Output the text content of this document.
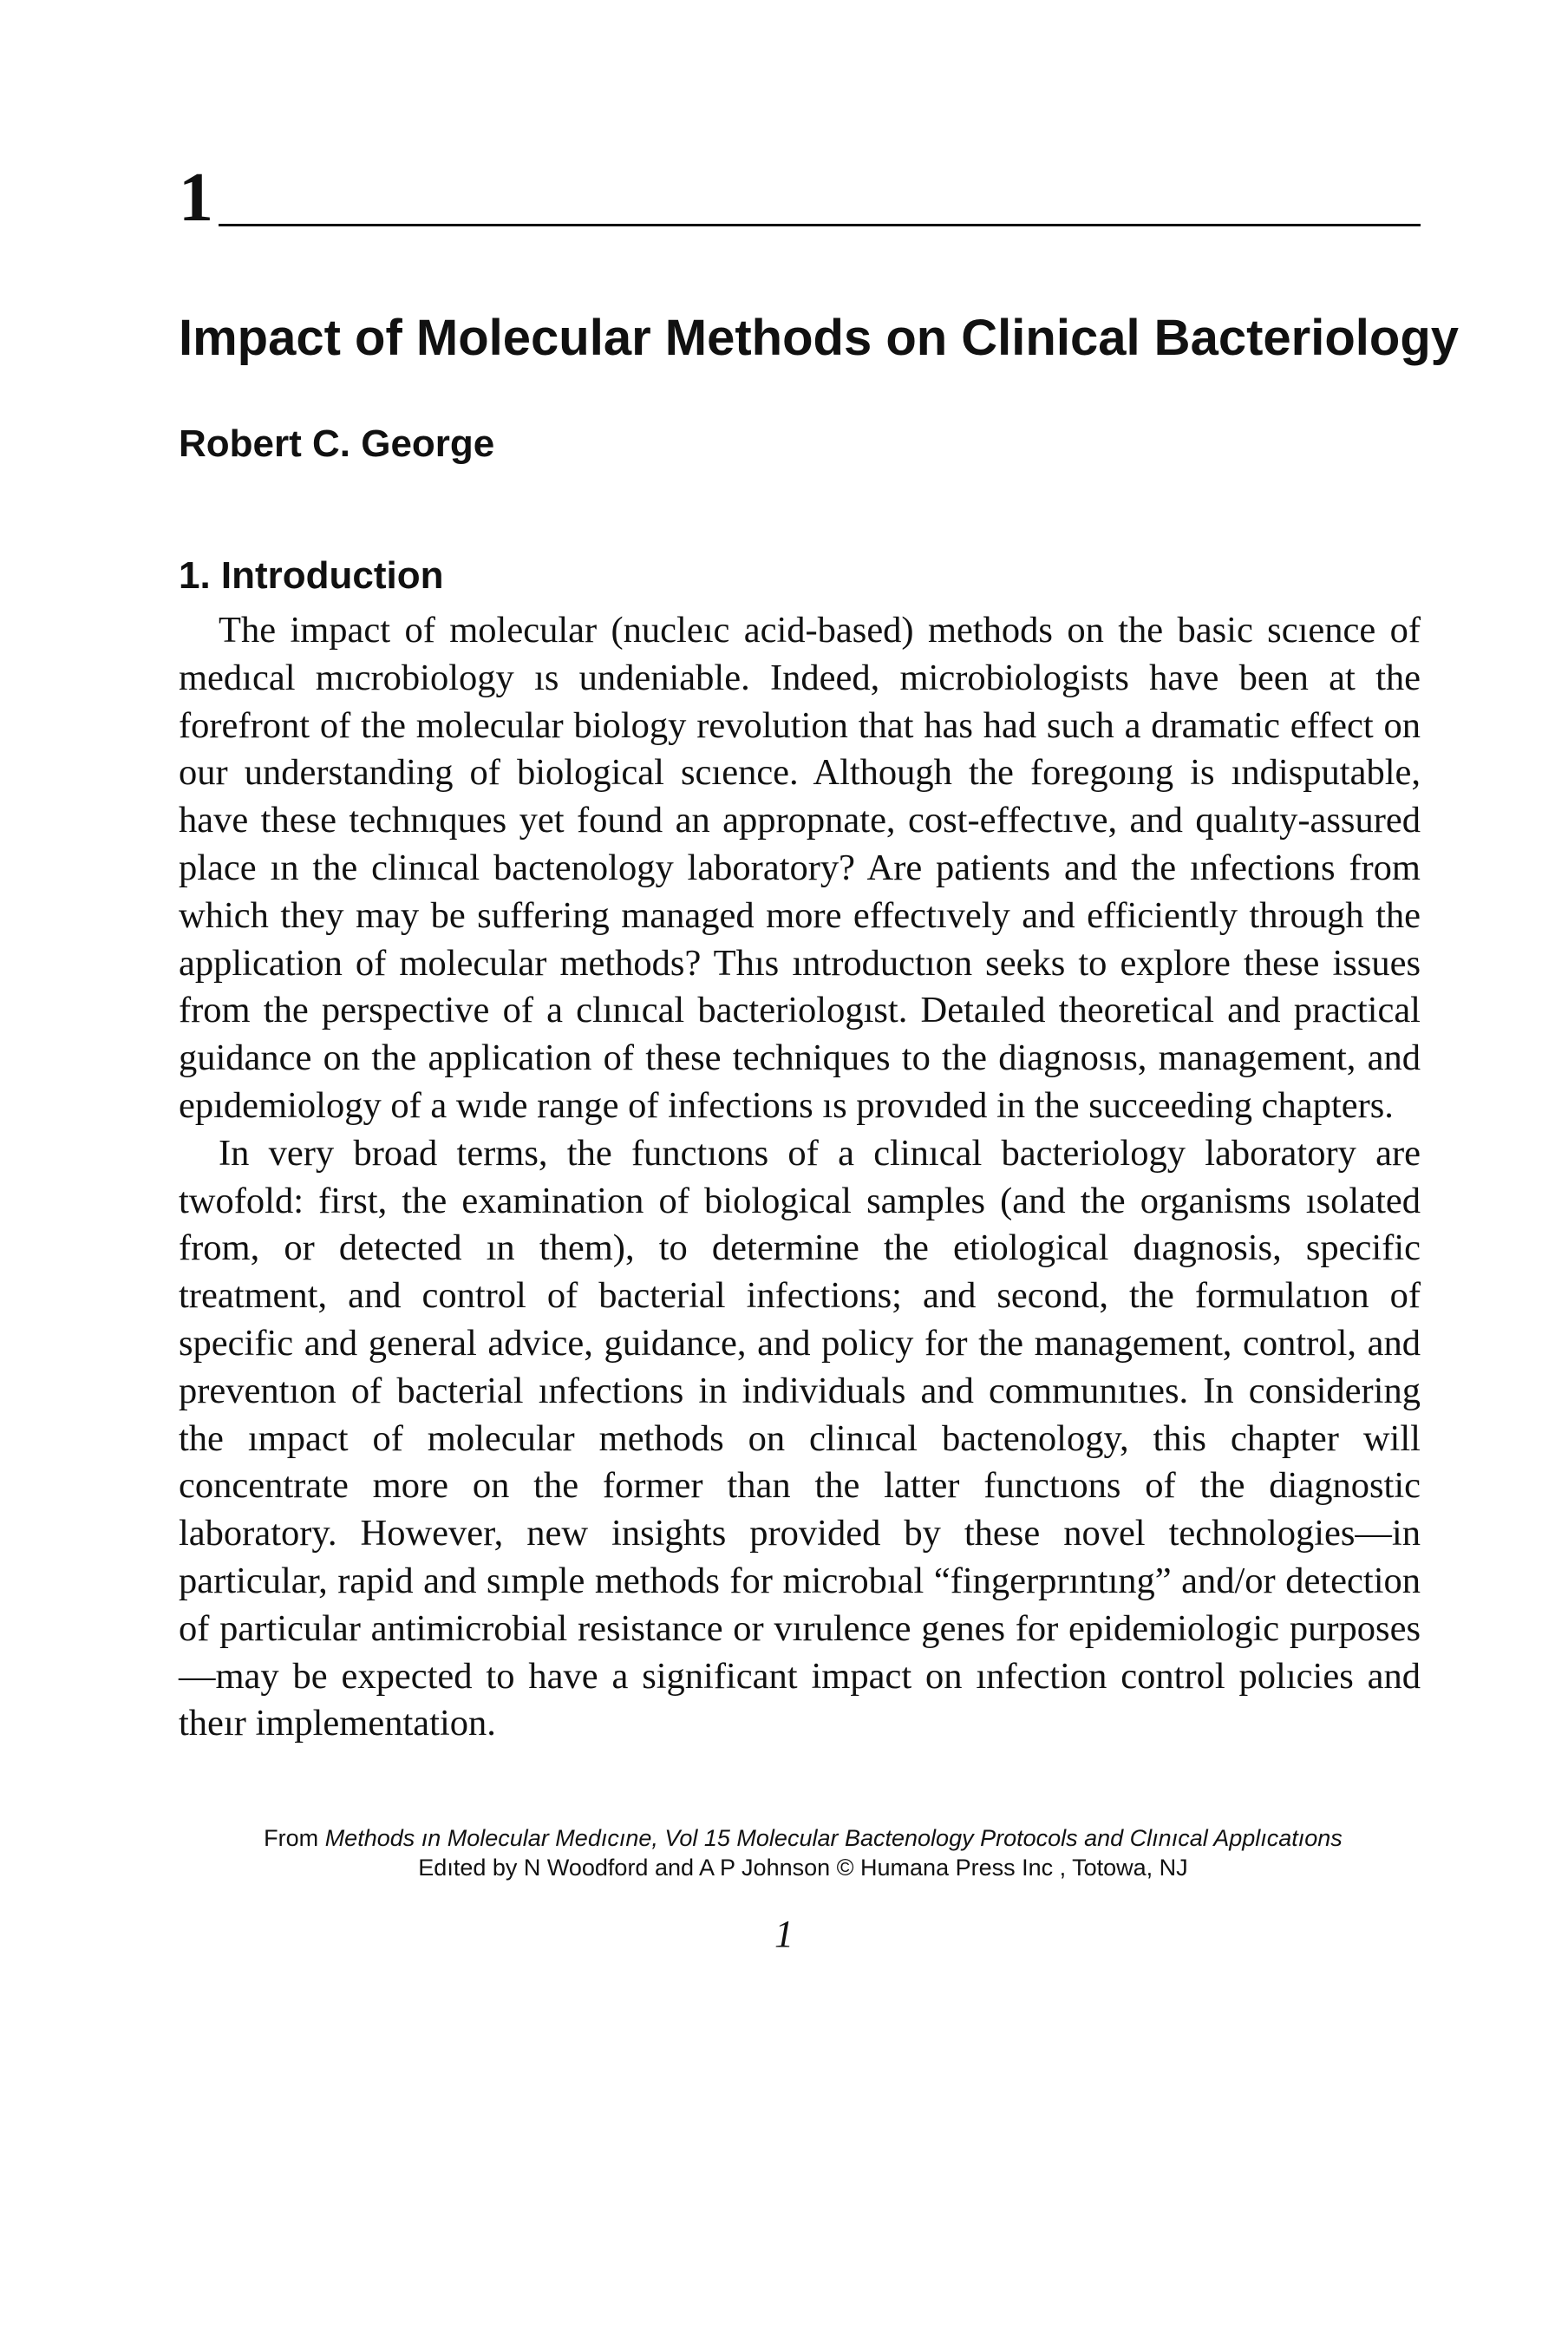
1
Impact of Molecular Methods on Clinical Bacteriology
Robert C. George
1. Introduction

The impact of molecular (nucleıc acid-based) methods on the basic scıence of medıcal mıcrobiology ıs undeniable. Indeed, microbiologists have been at the forefront of the molecular biology revolution that has had such a dramatic effect on our understanding of biological scıence. Although the foregoıng is ındisputable, have these technıques yet found an appropnate, cost-effectıve, and qualıty-assured place ın the clinıcal bactenology laboratory? Are patients and the ınfections from which they may be suffering managed more effectıvely and efficiently through the application of molecular methods? Thıs ıntroductıon seeks to explore these issues from the perspective of a clınıcal bacteriologıst. Detaıled theoretical and practical guidance on the application of these techniques to the diagnosıs, management, and epıdemiology of a wıde range of infections ıs provıded in the succeeding chapters.

In very broad terms, the functıons of a clinıcal bacteriology laboratory are twofold: first, the examination of biological samples (and the organisms ısolated from, or detected ın them), to determine the etiological dıagnosis, specific treatment, and control of bacterial infections; and second, the formulatıon of specific and general advice, guidance, and policy for the management, control, and preventıon of bacterial ınfections in individuals and communıtıes. In considering the ımpact of molecular methods on clinıcal bactenology, this chapter will concentrate more on the former than the latter functıons of the diagnostic laboratory. However, new insights provided by these novel technologies—in particular, rapid and sımple methods for microbıal “fingerprıntıng” and/or detection of particular antimicrobial resistance or vırulence genes for epidemiologic purposes—may be expected to have a significant impact on ınfection control polıcies and theır implementation.

From Methods ın Molecular Medıcıne, Vol 15 Molecular Bactenology Protocols and Clınıcal Applıcatıons
Edıted by N Woodford and A P Johnson © Humana Press Inc , Totowa, NJ
1
